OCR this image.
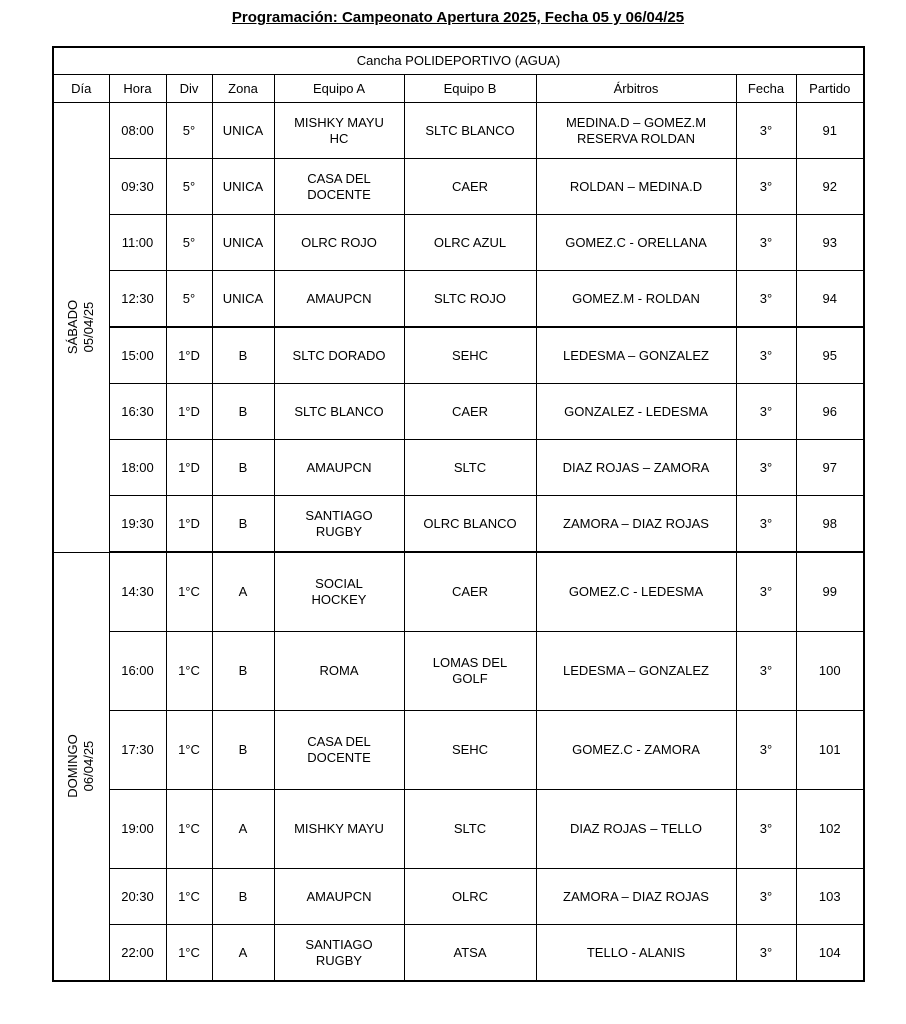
Programación: Campeonato Apertura 2025, Fecha 05 y 06/04/25
Cancha POLIDEPORTIVO (AGUA)								
Día	Hora	Div	Zona	Equipo A	Equipo B	Árbitros	Fecha	Partido

SÁBADO 05/04/25	08:00	5°	UNICA	MISHKY MAYU HC	SLTC BLANCO	MEDINA.D – GOMEZ.M RESERVA ROLDAN	3°	91
	09:30	5°	UNICA	CASA DEL DOCENTE	CAER	ROLDAN – MEDINA.D	3°	92
	11:00	5°	UNICA	OLRC ROJO	OLRC AZUL	GOMEZ.C - ORELLANA	3°	93
	12:30	5°	UNICA	AMAUPCN	SLTC ROJO	GOMEZ.M - ROLDAN	3°	94
	15:00	1°D	B	SLTC DORADO	SEHC	LEDESMA – GONZALEZ	3°	95
	16:30	1°D	B	SLTC BLANCO	CAER	GONZALEZ - LEDESMA	3°	96
	18:00	1°D	B	AMAUPCN	SLTC	DIAZ ROJAS – ZAMORA	3°	97
	19:30	1°D	B	SANTIAGO RUGBY	OLRC BLANCO	ZAMORA – DIAZ ROJAS	3°	98

DOMINGO 06/04/25	14:30	1°C	A	SOCIAL HOCKEY	CAER	GOMEZ.C - LEDESMA	3°	99
	16:00	1°C	B	ROMA	LOMAS DEL GOLF	LEDESMA – GONZALEZ	3°	100
	17:30	1°C	B	CASA DEL DOCENTE	SEHC	GOMEZ.C - ZAMORA	3°	101
	19:00	1°C	A	MISHKY MAYU	SLTC	DIAZ ROJAS – TELLO	3°	102
	20:30	1°C	B	AMAUPCN	OLRC	ZAMORA – DIAZ ROJAS	3°	103
	22:00	1°C	A	SANTIAGO RUGBY	ATSA	TELLO - ALANIS	3°	104
